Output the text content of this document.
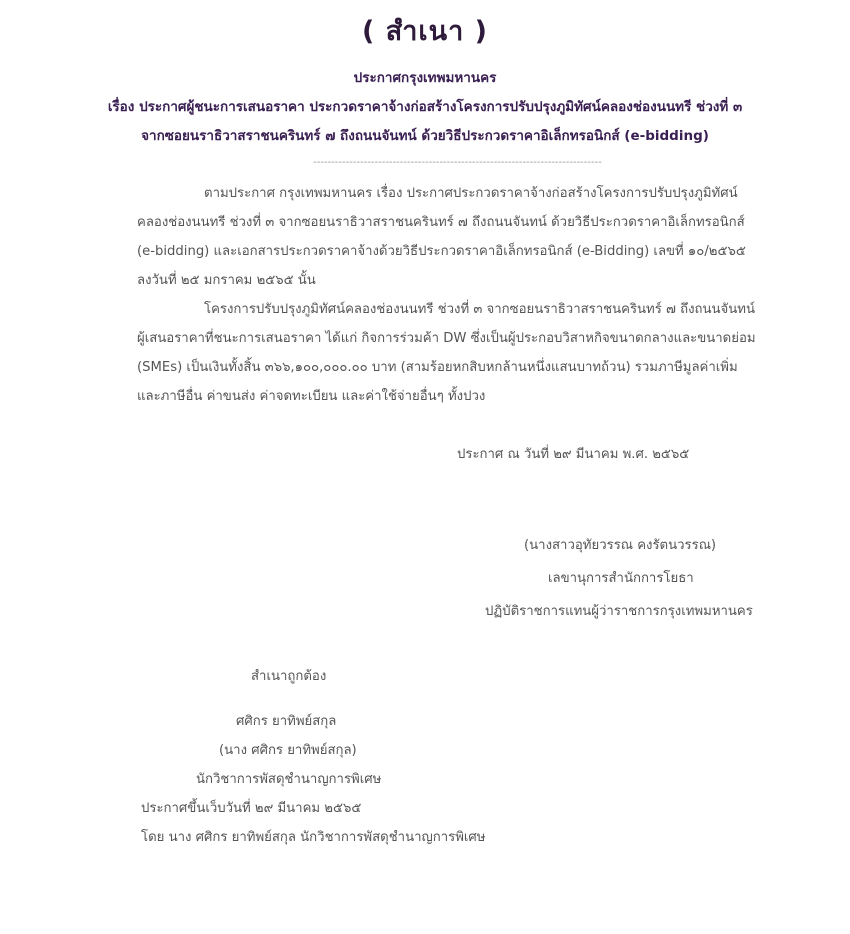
( สำเนา )
ประกาศกรุงเทพมหานคร
เรื่อง ประกาศผู้ชนะการเสนอราคา ประกวดราคาจ้างก่อสร้างโครงการปรับปรุงภูมิทัศน์คลองช่องนนทรี ช่วงที่ ๓
จากซอยนราธิวาสราชนครินทร์ ๗ ถึงถนนจันทน์ ด้วยวิธีประกวดราคาอิเล็กทรอนิกส์ (e-bidding)
--------------------------------------------------------------------------------
ตามประกาศ กรุงเทพมหานคร เรื่อง ประกาศประกวดราคาจ้างก่อสร้างโครงการปรับปรุงภูมิทัศน์
คลองช่องนนทรี ช่วงที่ ๓ จากซอยนราธิวาสราชนครินทร์ ๗ ถึงถนนจันทน์ ด้วยวิธีประกวดราคาอิเล็กทรอนิกส์
(e-bidding) และเอกสารประกวดราคาจ้างด้วยวิธีประกวดราคาอิเล็กทรอนิกส์ (e-Bidding) เลขที่ ๑๐/๒๕๖๕
ลงวันที่ ๒๕ มกราคม ๒๕๖๕ นั้น
โครงการปรับปรุงภูมิทัศน์คลองช่องนนทรี ช่วงที่ ๓ จากซอยนราธิวาสราชนครินทร์ ๗ ถึงถนนจันทน์
ผู้เสนอราคาที่ชนะการเสนอราคา ได้แก่ กิจการร่วมค้า DW ซึ่งเป็นผู้ประกอบวิสาหกิจขนาดกลางและขนาดย่อม
(SMEs) เป็นเงินทั้งสิ้น ๓๖๖,๑๐๐,๐๐๐.๐๐ บาท (สามร้อยหกสิบหกล้านหนึ่งแสนบาทถ้วน) รวมภาษีมูลค่าเพิ่ม
และภาษีอื่น ค่าขนส่ง ค่าจดทะเบียน และค่าใช้จ่ายอื่นๆ ทั้งปวง
ประกาศ ณ วันที่ ๒๙ มีนาคม พ.ศ. ๒๕๖๕
(นางสาวอุทัยวรรณ คงรัตนวรรณ)
เลขานุการสำนักการโยธา
ปฏิบัติราชการแทนผู้ว่าราชการกรุงเทพมหานคร
สำเนาถูกต้อง
ศศิกร ยาทิพย์สกุล
(นาง ศศิกร ยาทิพย์สกุล)
นักวิชาการพัสดุชำนาญการพิเศษ
ประกาศขึ้นเว็บวันที่ ๒๙ มีนาคม ๒๕๖๕
โดย นาง ศศิกร ยาทิพย์สกุล นักวิชาการพัสดุชำนาญการพิเศษ
